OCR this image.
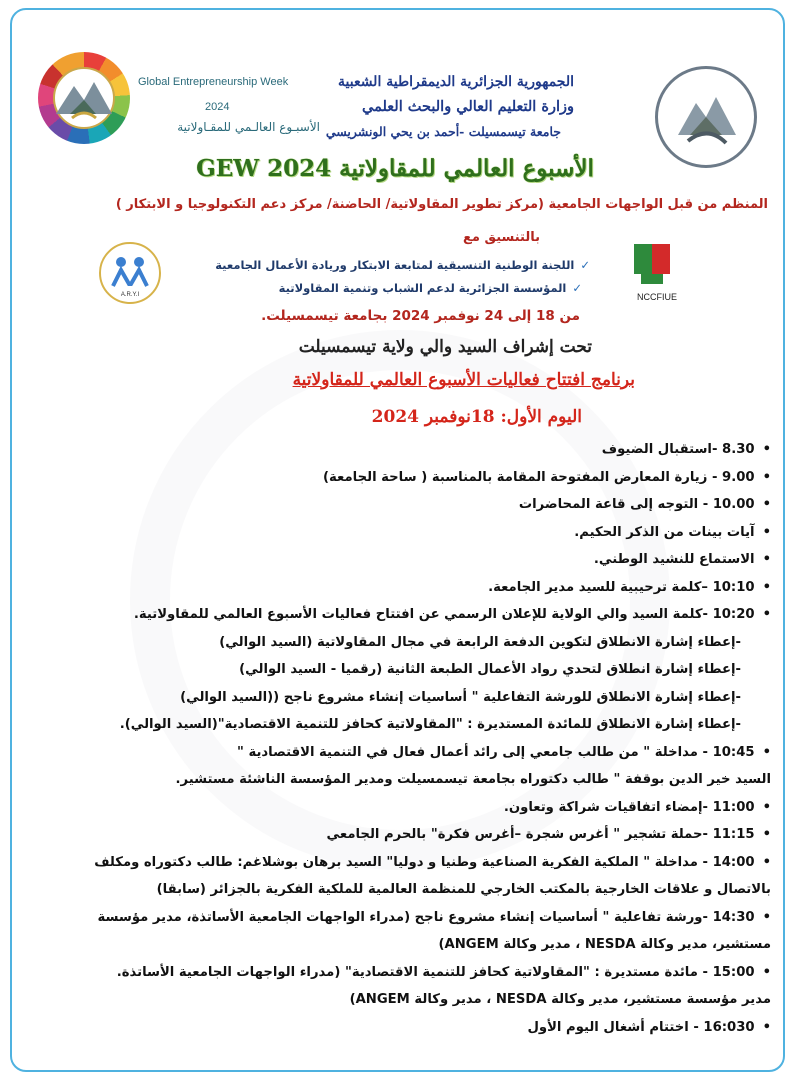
Global Entrepreneurship Week
2024
الأسبـوع العالـمي للمقـاولاتية
الجمهورية الجزائرية الديمقراطية الشعبية
وزارة التعليم العالي والبحث العلمي
جامعة تيسمسيلت -أحمد بن يحي الونشريسي
الأسبوع العالمي للمقاولاتية GEW 2024
المنظم من قبل الواجهات الجامعية (مركز تطوير المقاولاتية/ الحاضنة/ مركز دعم التكنولوجيا و الابتكار )
بالتنسيق مع
A.R.Y.I
✓اللجنة الوطنية التنسيقية لمتابعة الابتكار وريادة الأعمال الجامعية
✓المؤسسة الجزائرية لدعم الشباب وتنمية المقاولاتية
NCCFIUE
من 18 إلى 24 نوفمبر 2024 بجامعة تيسمسيلت.
تحت إشراف السيد والي ولاية تيسمسيلت
برنامج افتتاح فعاليات الأسبوع العالمي للمقاولاتية
اليوم الأول: 18نوفمبر 2024
•8.30 -استقبال الضيوف
•9.00 - زيارة المعارض المفتوحة المقامة بالمناسبة ( ساحة الجامعة)
•10.00 - التوجه إلى قاعة المحاضرات
•آيات بينات من الذكر الحكيم.
•الاستماع للنشيد الوطني.
•10:10 –كلمة ترحيبية للسيد مدير الجامعة.
•10:20 -كلمة السيد والي الولاية للإعلان الرسمي عن افتتاح فعاليات الأسبوع العالمي للمقاولاتية.
-إعطاء إشارة الانطلاق لتكوين الدفعة الرابعة في مجال المقاولاتية (السيد الوالي)
-إعطاء إشارة انطلاق لتحدي رواد الأعمال الطبعة الثانية (رقميا - السيد الوالي)
-إعطاء إشارة الانطلاق للورشة التفاعلية " أساسيات إنشاء مشروع ناجح ((السيد الوالي)
-إعطاء إشارة الانطلاق للمائدة المستديرة : "المقاولاتية كحافز للتنمية الاقتصادية"(السيد الوالي).
•10:45 - مداخلة " من طالب جامعي إلى رائد أعمال فعال في التنمية الاقتصادية "
السيد خير الدين بوقفة " طالب دكتوراه بجامعة تيسمسيلت ومدير المؤسسة الناشئة مستشير.
•11:00 -إمضاء اتفاقيات شراكة وتعاون.
•11:15 -حملة تشجير " أغرس شجرة –أغرس فكرة" بالحرم الجامعي
•14:00 - مداخلة " الملكية الفكرية الصناعية وطنيا و دوليا" السيد برهان بوشلاغم: طالب دكتوراه ومكلف
بالاتصال و علاقات الخارجية بالمكتب الخارجي للمنظمة العالمية للملكية الفكرية بالجزائر (سابقا)
•14:30 -ورشة تفاعلية " أساسيات إنشاء مشروع ناجح (مدراء الواجهات الجامعية الأساتذة، مدير مؤسسة
مستشير، مدير وكالة NESDA ، مدير وكالة ANGEM)
•15:00 - مائدة مستديرة : "المقاولاتية كحافز للتنمية الاقتصادية" (مدراء الواجهات الجامعية الأساتذة.
مدير مؤسسة مستشير، مدير وكالة NESDA ، مدير وكالة ANGEM)
•16:030 - اختتام أشغال اليوم الأول
